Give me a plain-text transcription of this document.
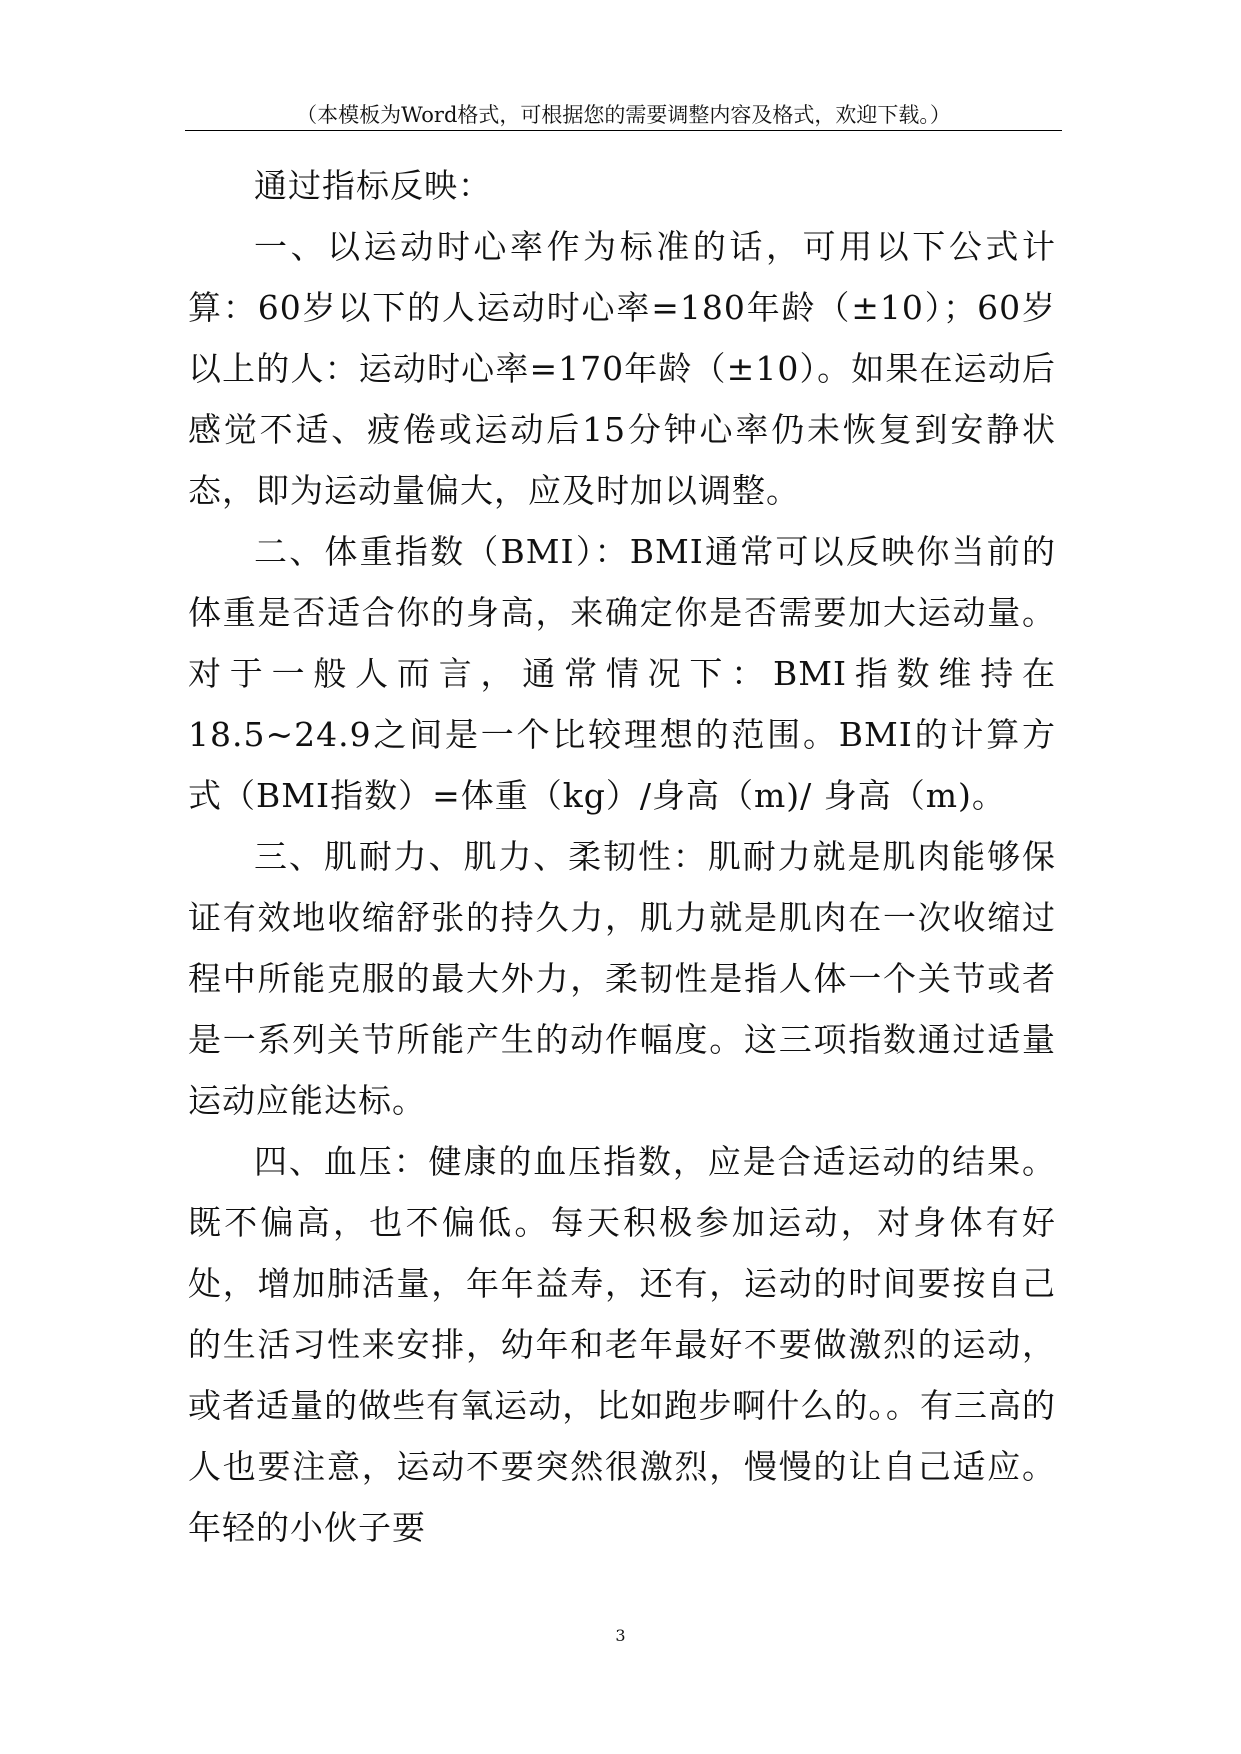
（本模板为Word格式，可根据您的需要调整内容及格式，欢迎下载。）

通过指标反映：

一、以运动时心率作为标准的话，可用以下公式计算：60岁以下的人运动时心率=180年龄（±10）；60岁以上的人：运动时心率=170年龄（±10）。如果在运动后感觉不适、疲倦或运动后15分钟心率仍未恢复到安静状态，即为运动量偏大，应及时加以调整。

二、体重指数（BMI）：BMI通常可以反映你当前的体重是否适合你的身高，来确定你是否需要加大运动量。对于一般人而言，通常情况下：BMI指数维持在18.5~24.9之间是一个比较理想的范围。BMI的计算方式（BMI指数）=体重（kg）/身高（m)/ 身高（m)。

三、肌耐力、肌力、柔韧性：肌耐力就是肌肉能够保证有效地收缩舒张的持久力，肌力就是肌肉在一次收缩过程中所能克服的最大外力，柔韧性是指人体一个关节或者是一系列关节所能产生的动作幅度。这三项指数通过适量运动应能达标。

四、血压：健康的血压指数，应是合适运动的结果。既不偏高，也不偏低。每天积极参加运动，对身体有好处，增加肺活量，年年益寿，还有，运动的时间要按自己的生活习性来安排，幼年和老年最好不要做激烈的运动，或者适量的做些有氧运动，比如跑步啊什么的。。有三高的人也要注意，运动不要突然很激烈，慢慢的让自己适应。年轻的小伙子要

3
